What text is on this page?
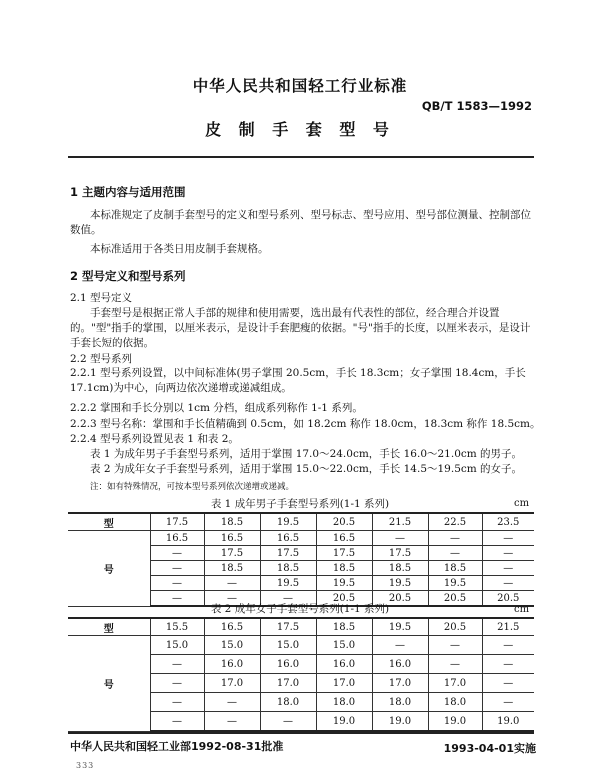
中华人民共和国轻工行业标准
QB/T 1583—1992
皮 制 手 套 型 号
1 主题内容与适用范围
本标准规定了皮制手套型号的定义和型号系列、型号标志、型号应用、型号部位测量、控制部位数值。
本标准适用于各类日用皮制手套规格。
2 型号定义和型号系列
2.1 型号定义
手套型号是根据正常人手部的规律和使用需要，选出最有代表性的部位，经合理合并设置的。"型"指手的掌围，以厘米表示，是设计手套肥瘦的依据。"号"指手的长度，以厘米表示，是设计手套长短的依据。
2.2 型号系列
2.2.1 型号系列设置，以中间标准体(男子掌围 20.5cm，手长 18.3cm；女子掌围 18.4cm，手长 17.1cm)为中心，向两边依次递增或递减组成。
2.2.2 掌围和手长分别以 1cm 分档，组成系列称作 1-1 系列。
2.2.3 型号名称：掌围和手长值精确到 0.5cm，如 18.2cm 称作 18.0cm，18.3cm 称作 18.5cm。
2.2.4 型号系列设置见表 1 和表 2。
表 1 为成年男子手套型号系列，适用于掌围 17.0～24.0cm，手长 16.0～21.0cm 的男子。
表 2 为成年女子手套型号系列，适用于掌围 15.0～22.0cm，手长 14.5～19.5cm 的女子。
注：如有特殊情况，可按本型号系列依次递增或递减。
表 1 成年男子手套型号系列(1-1 系列)	cm
型	17.5	18.5	19.5	20.5	21.5	22.5	23.5
号	16.5	16.5	16.5	16.5	—	—	—
	—	17.5	17.5	17.5	17.5	—	—
	—	18.5	18.5	18.5	18.5	18.5	—
	—	—	19.5	19.5	19.5	19.5	—
	—	—	—	20.5	20.5	20.5	20.5
表 2 成年女子手套型号系列(1-1 系列)	cm
型	15.5	16.5	17.5	18.5	19.5	20.5	21.5
号	15.0	15.0	15.0	15.0	—	—	—
	—	16.0	16.0	16.0	16.0	—	—
	—	17.0	17.0	17.0	17.0	17.0	—
	—	—	18.0	18.0	18.0	18.0	—
	—	—	—	19.0	19.0	19.0	19.0
中华人民共和国轻工业部1992-08-31批准	1993-04-01实施
333
